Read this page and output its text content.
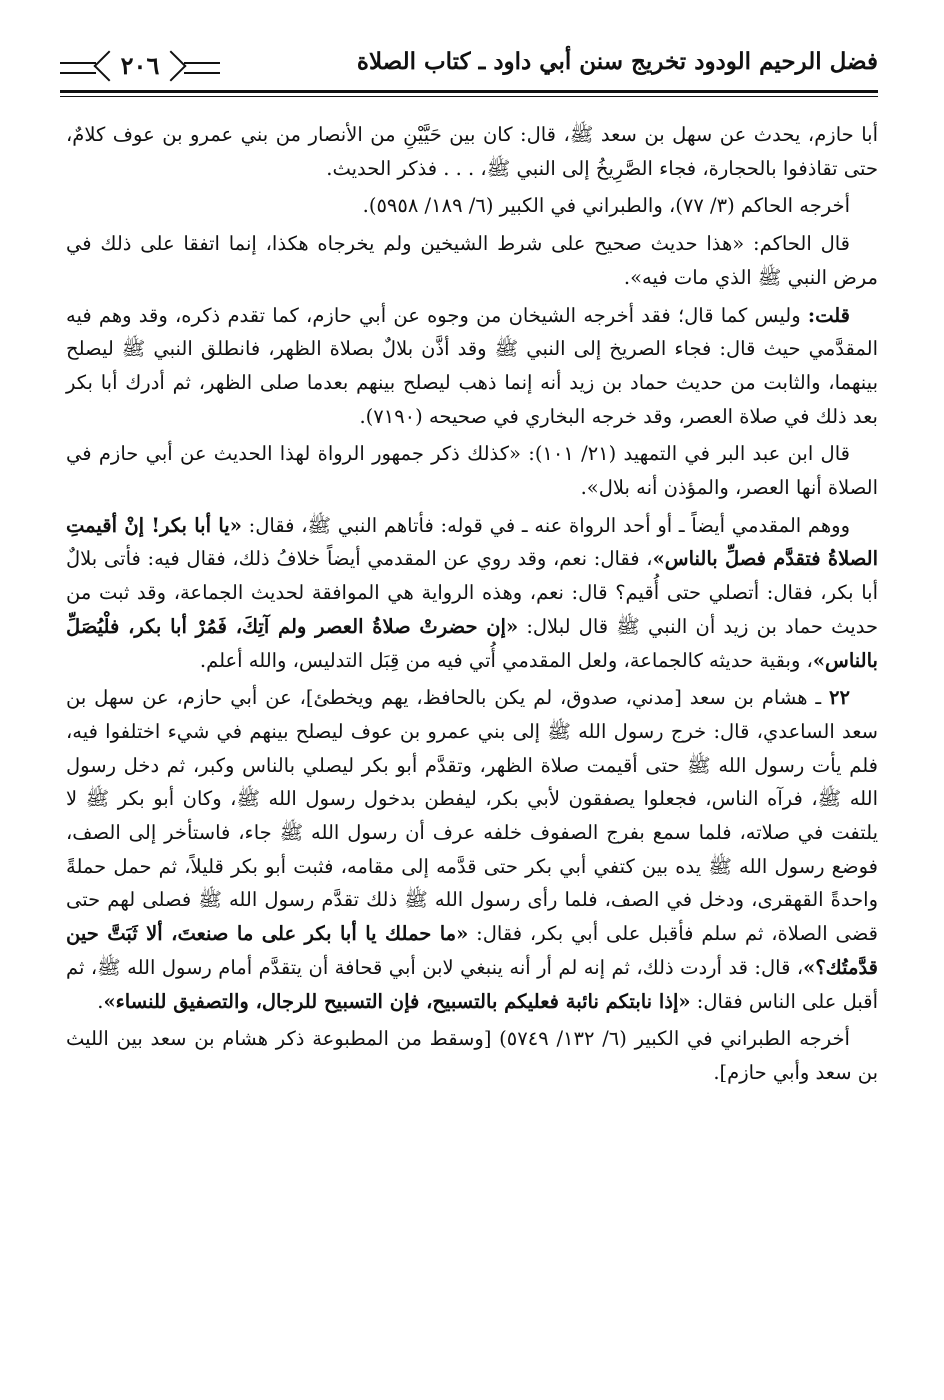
فضل الرحيم الودود تخريج سنن أبي داود ـ كتاب الصلاة
٢٠٦

أبا حازم، يحدث عن سهل بن سعد ﷺ، قال: كان بين حَيَّيْنِ من الأنصار من بني عمرو بن عوف كلامٌ، حتى تقاذفوا بالحجارة، فجاء الصَّرِيخُ إلى النبي ﷺ، . . . فذكر الحديث.

أخرجه الحاكم (٣/ ٧٧)، والطبراني في الكبير (٦/ ١٨٩/ ٥٩٥٨).

قال الحاكم: «هذا حديث صحيح على شرط الشيخين ولم يخرجاه هكذا، إنما اتفقا على ذلك في مرض النبي ﷺ الذي مات فيه».

قلت: وليس كما قال؛ فقد أخرجه الشيخان من وجوه عن أبي حازم، كما تقدم ذكره، وقد وهم فيه المقدَّمي حيث قال: فجاء الصريخ إلى النبي ﷺ وقد أذَّن بلالٌ بصلاة الظهر، فانطلق النبي ﷺ ليصلح بينهما، والثابت من حديث حماد بن زيد أنه إنما ذهب ليصلح بينهم بعدما صلى الظهر، ثم أدرك أبا بكر بعد ذلك في صلاة العصر، وقد خرجه البخاري في صحيحه (٧١٩٠).

قال ابن عبد البر في التمهيد (٢١/ ١٠١): «كذلك ذكر جمهور الرواة لهذا الحديث عن أبي حازم في الصلاة أنها العصر، والمؤذن أنه بلال».

ووهم المقدمي أيضاً ـ أو أحد الرواة عنه ـ في قوله: فأتاهم النبي ﷺ، فقال: «يا أبا بكر! إنْ أقيمتِ الصلاةُ فتقدَّم فصلِّ بالناس»، فقال: نعم، وقد روي عن المقدمي أيضاً خلافُ ذلك، فقال فيه: فأتى بلالٌ أبا بكر، فقال: أتصلي حتى أُقيم؟ قال: نعم، وهذه الرواية هي الموافقة لحديث الجماعة، وقد ثبت من حديث حماد بن زيد أن النبي ﷺ قال لبلال: «إن حضرتْ صلاةُ العصر ولم آتِكَ، فَمُرْ أبا بكر، فلْيُصَلِّ بالناس»، وبقية حديثه كالجماعة، ولعل المقدمي أُتي فيه من قِبَل التدليس، والله أعلم.

٢٢ ـ هشام بن سعد [مدني، صدوق، لم يكن بالحافظ، يهم ويخطئ]، عن أبي حازم، عن سهل بن سعد الساعدي، قال: خرج رسول الله ﷺ إلى بني عمرو بن عوف ليصلح بينهم في شيء اختلفوا فيه، فلم يأت رسول الله ﷺ حتى أقيمت صلاة الظهر، وتقدَّم أبو بكر ليصلي بالناس وكبر، ثم دخل رسول الله ﷺ، فرآه الناس، فجعلوا يصفقون لأبي بكر، ليفطن بدخول رسول الله ﷺ، وكان أبو بكر ﷺ لا يلتفت في صلاته، فلما سمع بفرج الصفوف خلفه عرف أن رسول الله ﷺ جاء، فاستأخر إلى الصف، فوضع رسول الله ﷺ يده بين كتفي أبي بكر حتى قدَّمه إلى مقامه، فثبت أبو بكر قليلاً، ثم حمل حملةً واحدةً القهقرى، ودخل في الصف، فلما رأى رسول الله ﷺ ذلك تقدَّم رسول الله ﷺ فصلى لهم حتى قضى الصلاة، ثم سلم فأقبل على أبي بكر، فقال: «ما حملك يا أبا بكر على ما صنعتَ، ألا ثَبَتَّ حين قدَّمتُك؟»، قال: قد أردت ذلك، ثم إنه لم أر أنه ينبغي لابن أبي قحافة أن يتقدَّم أمام رسول الله ﷺ، ثم أقبل على الناس فقال: «إذا نابتكم نائبة فعليكم بالتسبيح، فإن التسبيح للرجال، والتصفيق للنساء».

أخرجه الطبراني في الكبير (٦/ ١٣٢/ ٥٧٤٩) [وسقط من المطبوعة ذكر هشام بن سعد بين الليث بن سعد وأبي حازم].
